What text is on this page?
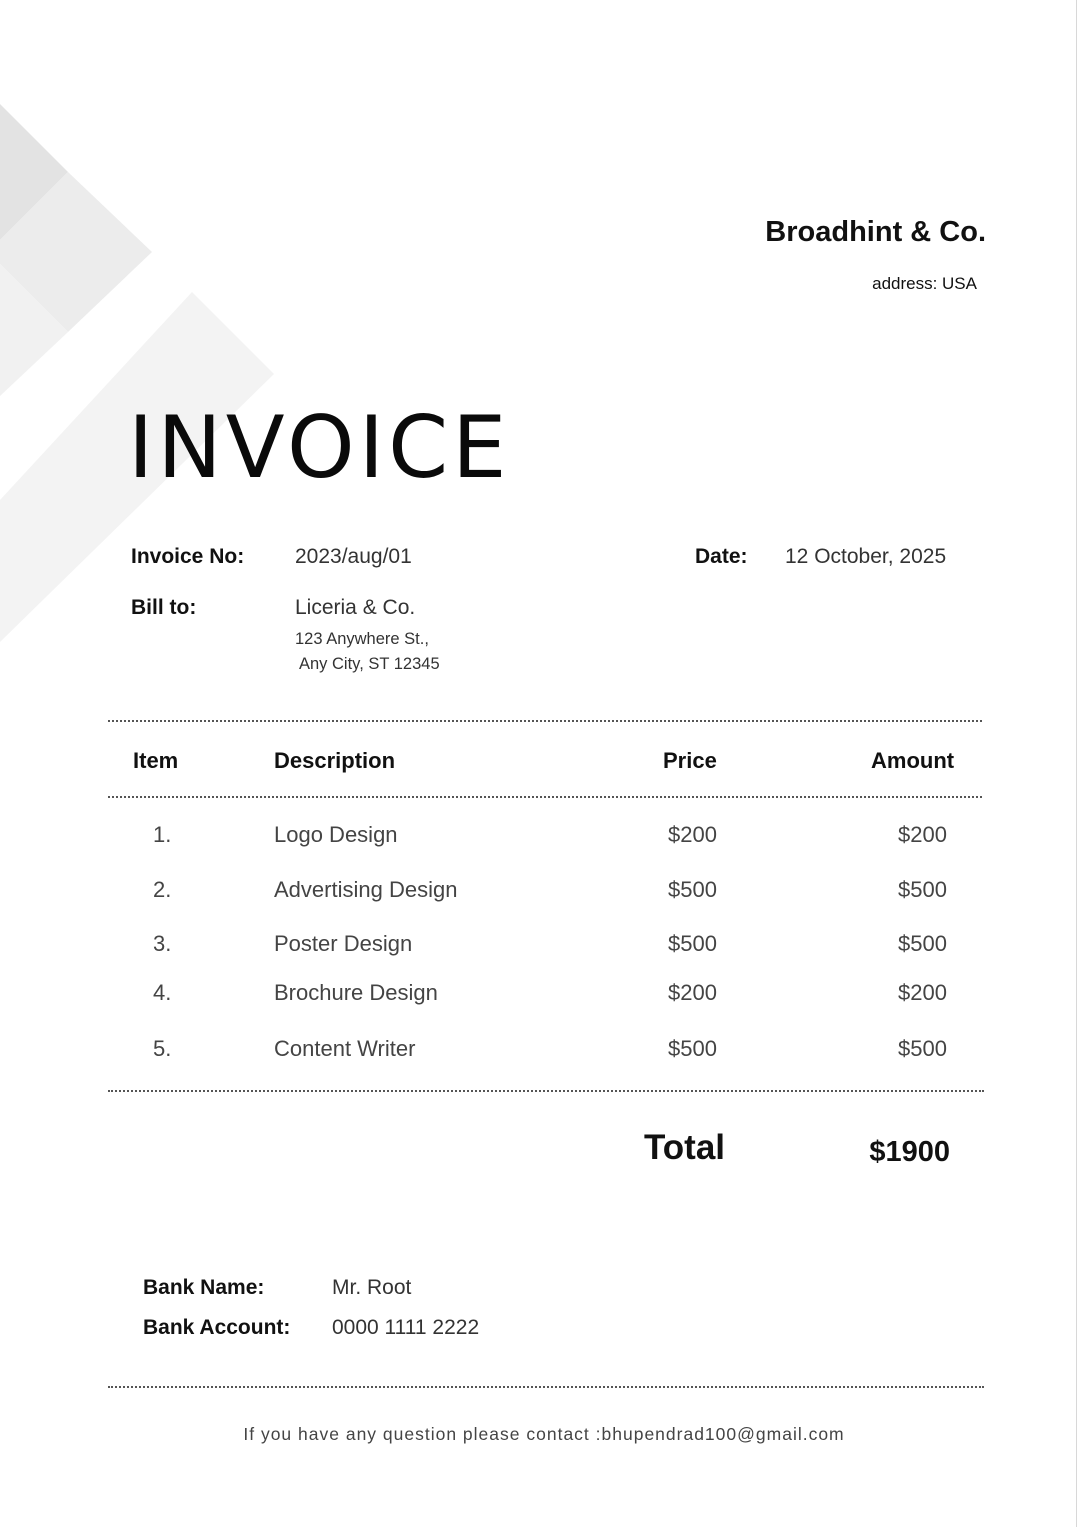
Broadhint & Co.
address: USA
INVOICE
Invoice No: 2023/aug/01	Date: 12 October, 2025
Bill to:	Liceria & Co.
123 Anywhere St.,
Any City, ST 12345
Item	Description	Price	Amount
1.	Logo Design	$200	$200
2.	Advertising Design	$500	$500
3.	Poster Design	$500	$500
4.	Brochure Design	$200	$200
5.	Content Writer	$500	$500
Total	$1900
Bank Name:	Mr. Root
Bank Account: 0000 1111 2222
If you have any question please contact :bhupendrad100@gmail.com
